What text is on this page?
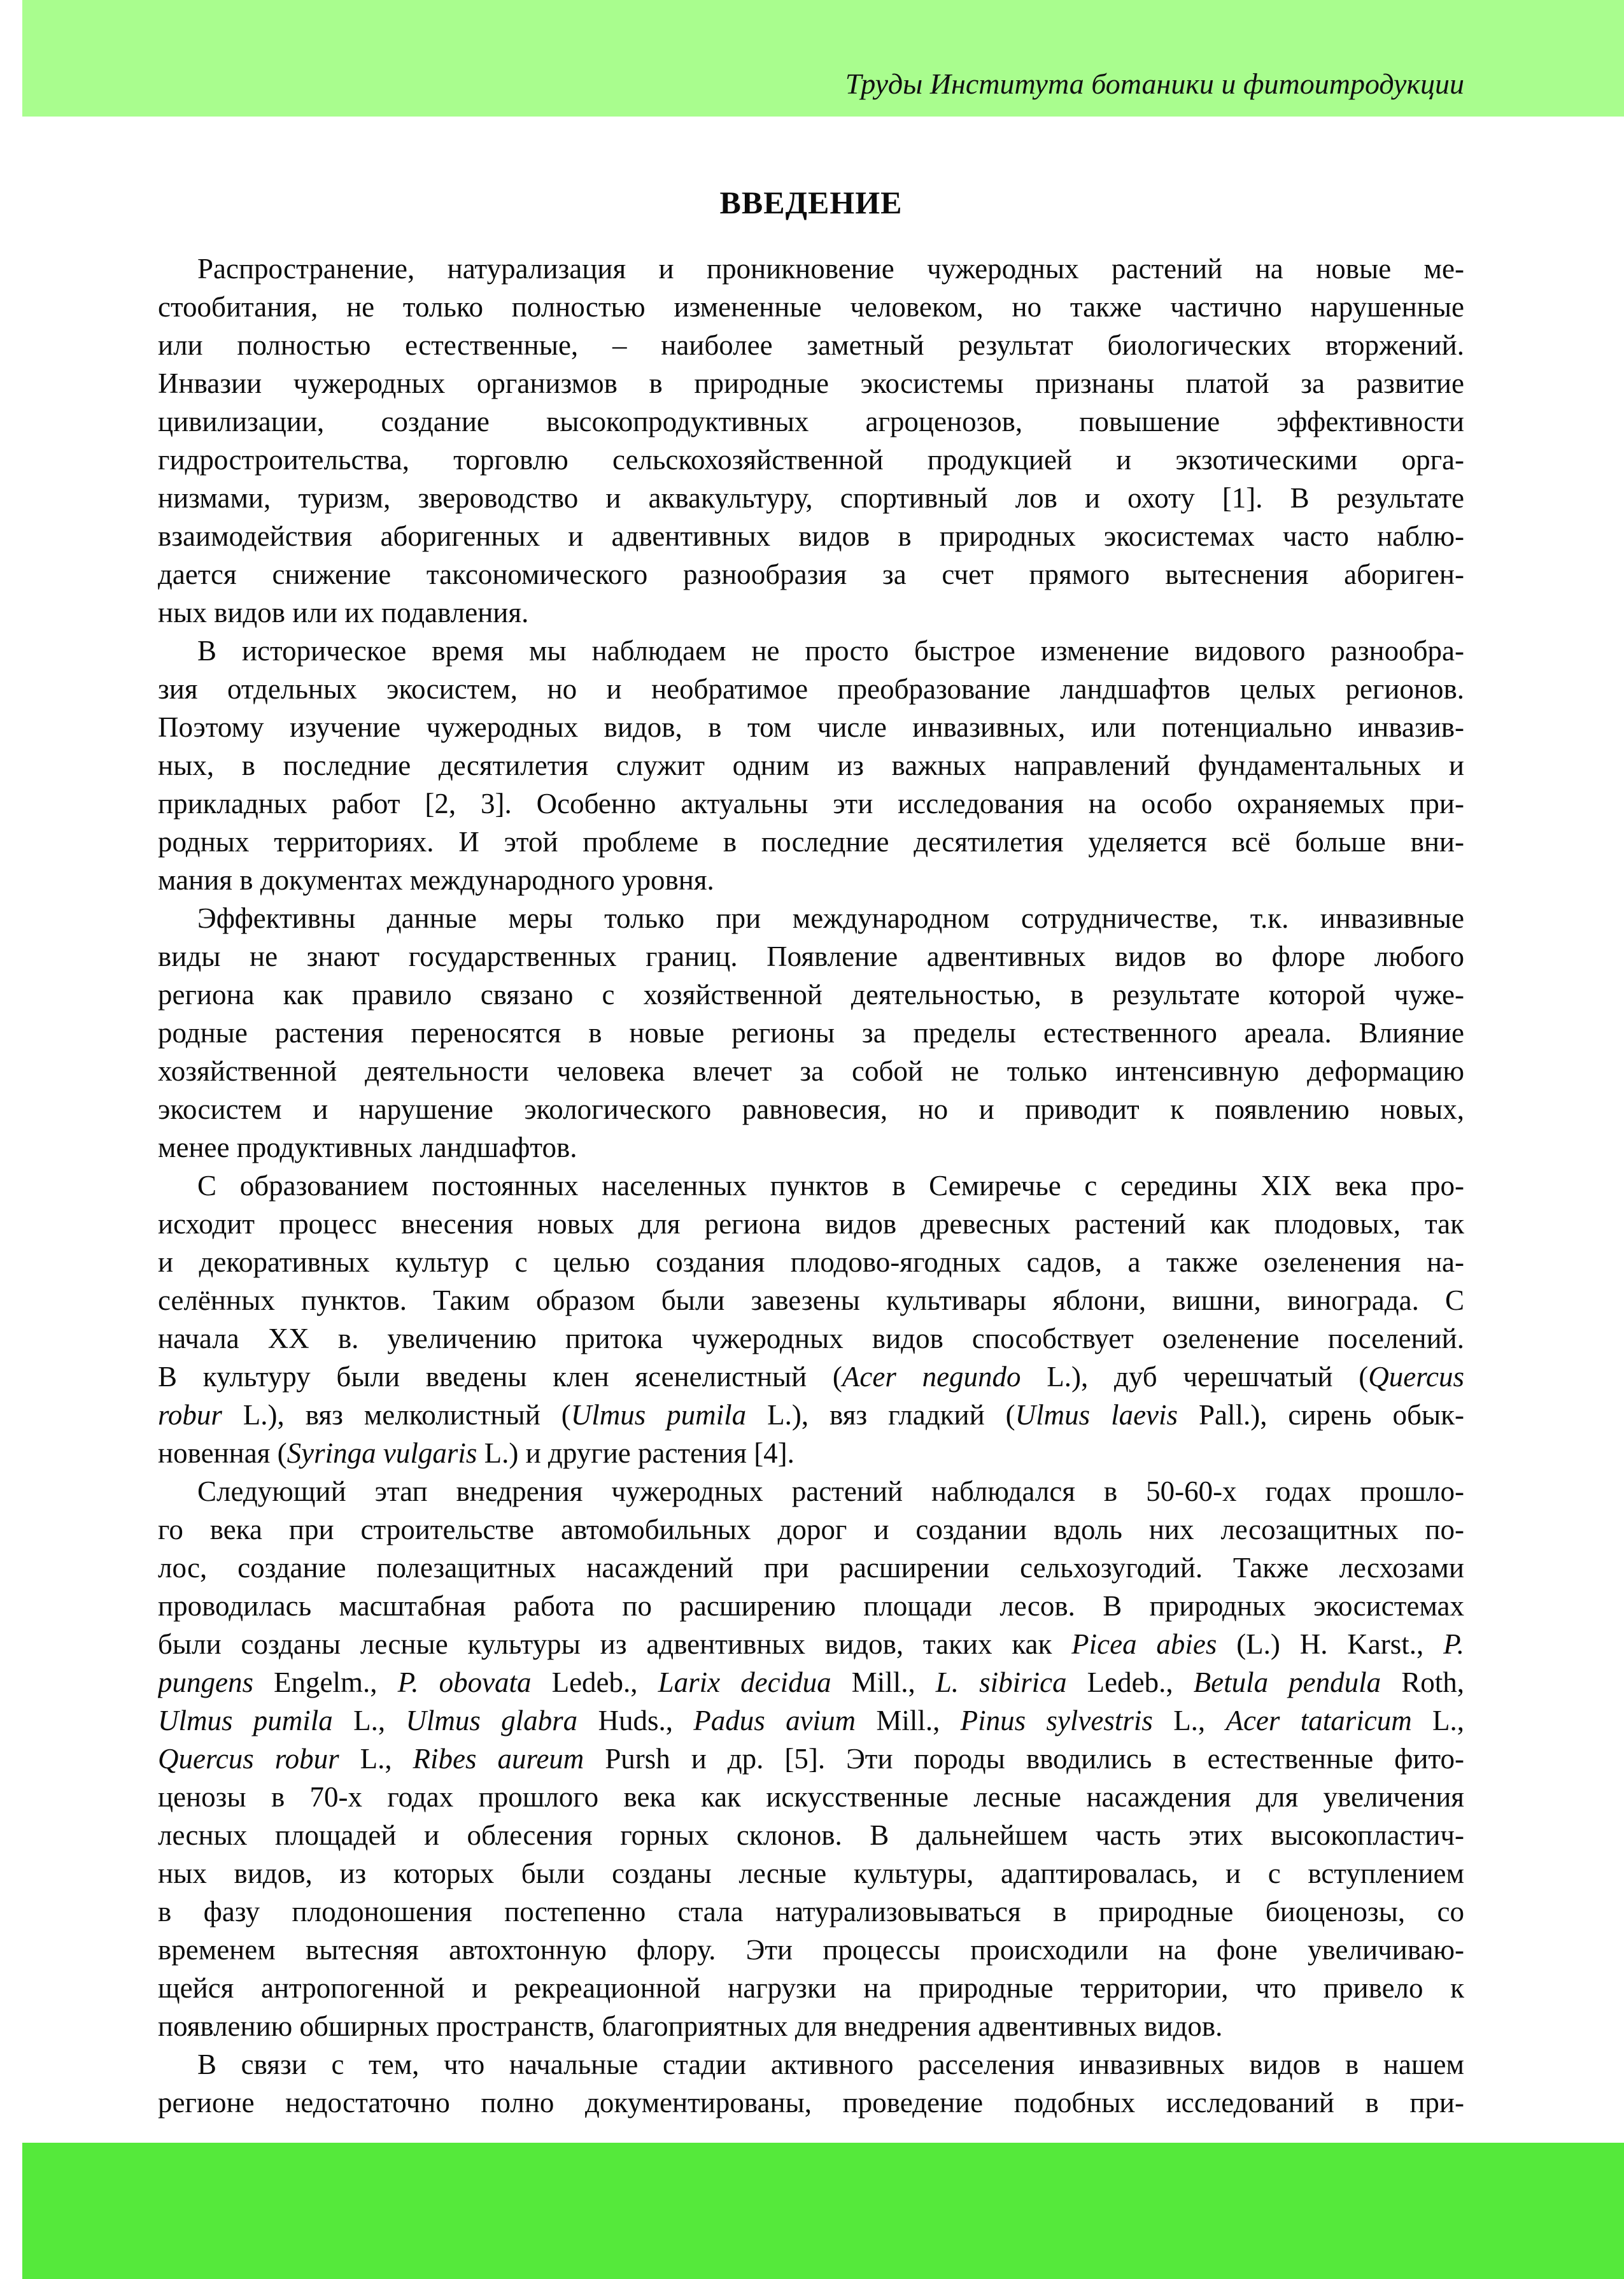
Труды Института ботаники и фитоитродукции
ВВЕДЕНИЕ
Распространение, натурализация и проникновение чужеродных растений на новые ме-
стообитания, не только полностью измененные человеком, но также частично нарушенные
или полностью естественные, – наиболее заметный результат биологических вторжений.
Инвазии чужеродных организмов в природные экосистемы признаны платой за развитие
цивилизации, создание высокопродуктивных агроценозов, повышение эффективности
гидростроительства, торговлю сельскохозяйственной продукцией и экзотическими орга-
низмами, туризм, звероводство и аквакультуру, спортивный лов и охоту [1]. В результате
взаимодействия аборигенных и адвентивных видов в природных экосистемах часто наблю-
дается снижение таксономического разнообразия за счет прямого вытеснения абориген-
ных видов или их подавления.
В историческое время мы наблюдаем не просто быстрое изменение видового разнообра-
зия отдельных экосистем, но и необратимое преобразование ландшафтов целых регионов.
Поэтому изучение чужеродных видов, в том числе инвазивных, или потенциально инвазив-
ных, в последние десятилетия служит одним из важных направлений фундаментальных и
прикладных работ [2, 3]. Особенно актуальны эти исследования на особо охраняемых при-
родных территориях. И этой проблеме в последние десятилетия уделяется всё больше вни-
мания в документах международного уровня.
Эффективны данные меры только при международном сотрудничестве, т.к. инвазивные
виды не знают государственных границ. Появление адвентивных видов во флоре любого
региона как правило связано с хозяйственной деятельностью, в результате которой чуже-
родные растения переносятся в новые регионы за пределы естественного ареала. Влияние
хозяйственной деятельности человека влечет за собой не только интенсивную деформацию
экосистем и нарушение экологического равновесия, но и приводит к появлению новых,
менее продуктивных ландшафтов.
С образованием постоянных населенных пунктов в Семиречье с середины XIX века про-
исходит процесс внесения новых для региона видов древесных растений как плодовых, так
и декоративных культур с целью создания плодово-ягодных садов, а также озеленения на-
селённых пунктов. Таким образом были завезены культивары яблони, вишни, винограда. С
начала XX в. увеличению притока чужеродных видов способствует озеленение поселений.
В культуру были введены клен ясенелистный (Acer negundo L.), дуб черешчатый (Quercus
robur L.), вяз мелколистный (Ulmus pumila L.), вяз гладкий (Ulmus laevis Pall.), сирень обык-
новенная (Syringa vulgaris L.) и другие растения [4].
Следующий этап внедрения чужеродных растений наблюдался в 50-60-х годах прошло-
го века при строительстве автомобильных дорог и создании вдоль них лесозащитных по-
лос, создание полезащитных насаждений при расширении сельхозугодий. Также лесхозами
проводилась масштабная работа по расширению площади лесов. В природных экосистемах
были созданы лесные культуры из адвентивных видов, таких как Picea abies (L.) H. Karst., P.
pungens Engelm., P. obovata Ledeb., Larix decidua Mill., L. sibirica Ledeb., Betula pendula Roth,
Ulmus pumila L., Ulmus glabra Huds., Padus avium Mill., Pinus sylvestris L., Acer tataricum L.,
Quercus robur L., Ribes aureum Pursh и др. [5]. Эти породы вводились в естественные фито-
ценозы в 70-х годах прошлого века как искусственные лесные насаждения для увеличения
лесных площадей и облесения горных склонов. В дальнейшем часть этих высокопластич-
ных видов, из которых были созданы лесные культуры, адаптировалась, и с вступлением
в фазу плодоношения постепенно стала натурализовываться в природные биоценозы, со
временем вытесняя автохтонную флору. Эти процессы происходили на фоне увеличиваю-
щейся антропогенной и рекреационной нагрузки на природные территории, что привело к
появлению обширных пространств, благоприятных для внедрения адвентивных видов.
В связи с тем, что начальные стадии активного расселения инвазивных видов в нашем
регионе недостаточно полно документированы, проведение подобных исследований в при-
